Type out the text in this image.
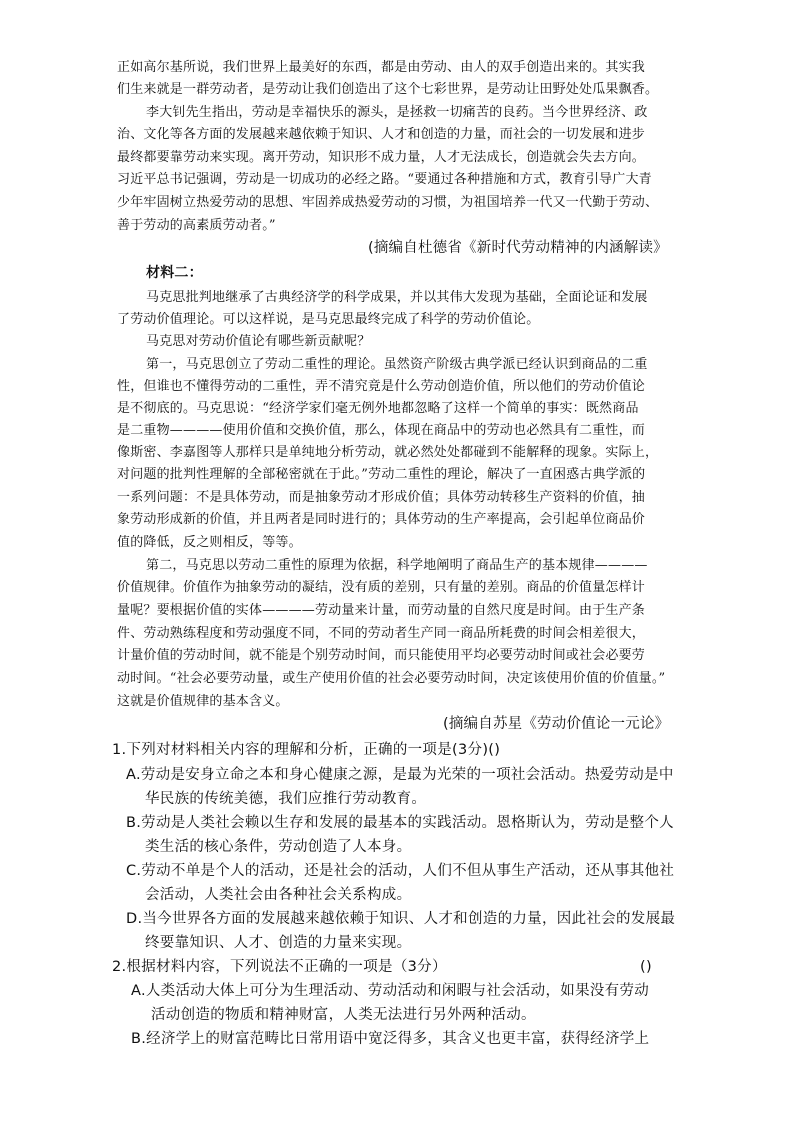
正如高尔基所说，我们世界上最美好的东西，都是由劳动、由人的双手创造出来的。其实我
们生来就是一群劳动者，是劳动让我们创造出了这个七彩世界，是劳动让田野处处瓜果飘香。
李大钊先生指出，劳动是幸福快乐的源头，是拯救一切痛苦的良药。当今世界经济、政
治、文化等各方面的发展越来越依赖于知识、人才和创造的力量，而社会的一切发展和进步
最终都要靠劳动来实现。离开劳动，知识形不成力量，人才无法成长，创造就会失去方向。
习近平总书记强调，劳动是一切成功的必经之路。“要通过各种措施和方式，教育引导广大青
少年牢固树立热爱劳动的思想、牢固养成热爱劳动的习惯，为祖国培养一代又一代勤于劳动、
善于劳动的高素质劳动者。”
(摘编自杜德省《新时代劳动精神的内涵解读》
材料二：
马克思批判地继承了古典经济学的科学成果，并以其伟大发现为基础，全面论证和发展
了劳动价值理论。可以这样说，是马克思最终完成了科学的劳动价值论。
马克思对劳动价值论有哪些新贡献呢？
第一，马克思创立了劳动二重性的理论。虽然资产阶级古典学派已经认识到商品的二重
性，但谁也不懂得劳动的二重性，弄不清究竟是什么劳动创造价值，所以他们的劳动价值论
是不彻底的。马克思说：“经济学家们毫无例外地都忽略了这样一个简单的事实：既然商品
是二重物————使用价值和交换价值，那么，体现在商品中的劳动也必然具有二重性，而
像斯密、李嘉图等人那样只是单纯地分析劳动，就必然处处都碰到不能解释的现象。实际上，
对问题的批判性理解的全部秘密就在于此。”劳动二重性的理论，解决了一直困惑古典学派的
一系列问题：不是具体劳动，而是抽象劳动才形成价值；具体劳动转移生产资料的价值，抽
象劳动形成新的价值，并且两者是同时进行的；具体劳动的生产率提高，会引起单位商品价
值的降低，反之则相反，等等。
第二，马克思以劳动二重性的原理为依据，科学地阐明了商品生产的基本规律————
价值规律。价值作为抽象劳动的凝结，没有质的差别，只有量的差别。商品的价值量怎样计
量呢？要根据价值的实体————劳动量来计量，而劳动量的自然尺度是时间。由于生产条
件、劳动熟练程度和劳动强度不同，不同的劳动者生产同一商品所耗费的时间会相差很大，
计量价值的劳动时间，就不能是个别劳动时间，而只能使用平均必要劳动时间或社会必要劳
动时间。“社会必要劳动量，或生产使用价值的社会必要劳动时间，决定该使用价值的价值量。”
这就是价值规律的基本含义。
(摘编自苏星《劳动价值论一元论》
1.下列对材料相关内容的理解和分析，正确的一项是(3分)()
A.劳动是安身立命之本和身心健康之源，是最为光荣的一项社会活动。热爱劳动是中
华民族的传统美德，我们应推行劳动教育。
B.劳动是人类社会赖以生存和发展的最基本的实践活动。恩格斯认为，劳动是整个人
类生活的核心条件，劳动创造了人本身。
C.劳动不单是个人的活动，还是社会的活动，人们不但从事生产活动，还从事其他社
会活动，人类社会由各种社会关系构成。
D.当今世界各方面的发展越来越依赖于知识、人才和创造的力量，因此社会的发展最
终要靠知识、人才、创造的力量来实现。
2.根据材料内容，下列说法不正确的一项是（3分）	()
A.人类活动大体上可分为生理活动、劳动活动和闲暇与社会活动，如果没有劳动
活动创造的物质和精神财富，人类无法进行另外两种活动。
B.经济学上的财富范畴比日常用语中宽泛得多，其含义也更丰富，获得经济学上
